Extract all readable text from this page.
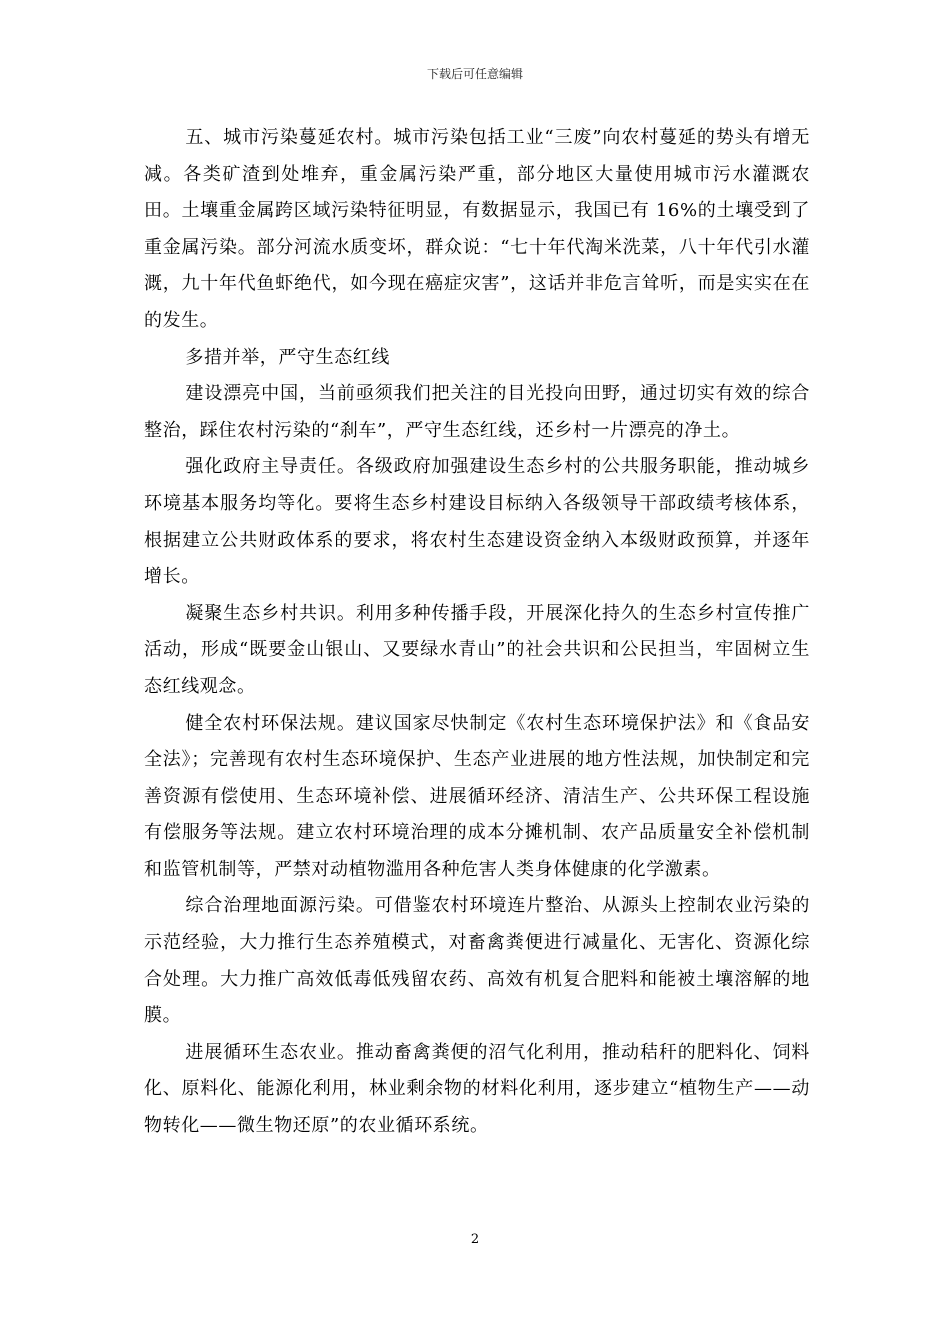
下载后可任意编辑

五、城市污染蔓延农村。城市污染包括工业“三废”向农村蔓延的势头有增无减。各类矿渣到处堆弃，重金属污染严重，部分地区大量使用城市污水灌溉农田。土壤重金属跨区域污染特征明显，有数据显示，我国已有 16%的土壤受到了重金属污染。部分河流水质变坏，群众说：“七十年代淘米洗菜，八十年代引水灌溉，九十年代鱼虾绝代，如今现在癌症灾害”，这话并非危言耸听，而是实实在在的发生。

多措并举，严守生态红线

建设漂亮中国，当前亟须我们把关注的目光投向田野，通过切实有效的综合整治，踩住农村污染的“刹车”，严守生态红线，还乡村一片漂亮的净土。

强化政府主导责任。各级政府加强建设生态乡村的公共服务职能，推动城乡环境基本服务均等化。要将生态乡村建设目标纳入各级领导干部政绩考核体系，根据建立公共财政体系的要求，将农村生态建设资金纳入本级财政预算，并逐年增长。

凝聚生态乡村共识。利用多种传播手段，开展深化持久的生态乡村宣传推广活动，形成“既要金山银山、又要绿水青山”的社会共识和公民担当，牢固树立生态红线观念。

健全农村环保法规。建议国家尽快制定《农村生态环境保护法》和《食品安全法》；完善现有农村生态环境保护、生态产业进展的地方性法规，加快制定和完善资源有偿使用、生态环境补偿、进展循环经济、清洁生产、公共环保工程设施有偿服务等法规。建立农村环境治理的成本分摊机制、农产品质量安全补偿机制和监管机制等，严禁对动植物滥用各种危害人类身体健康的化学激素。

综合治理地面源污染。可借鉴农村环境连片整治、从源头上控制农业污染的示范经验，大力推行生态养殖模式，对畜禽粪便进行减量化、无害化、资源化综合处理。大力推广高效低毒低残留农药、高效有机复合肥料和能被土壤溶解的地膜。

进展循环生态农业。推动畜禽粪便的沼气化利用，推动秸秆的肥料化、饲料化、原料化、能源化利用，林业剩余物的材料化利用，逐步建立“植物生产——动物转化——微生物还原”的农业循环系统。

2
